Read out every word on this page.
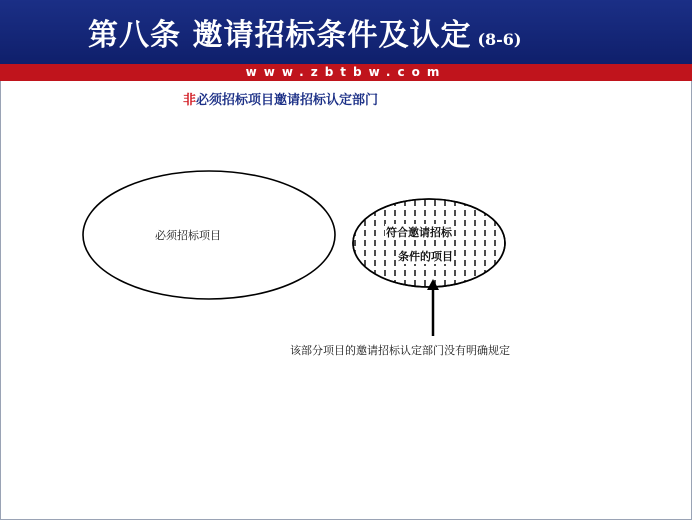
第八条 邀请招标条件及认定 (8-6)
www.zbtbw.com
非必须招标项目邀请招标认定部门
必须招标项目	符合邀请招标
条件的项目
该部分项目的邀请招标认定部门没有明确规定
